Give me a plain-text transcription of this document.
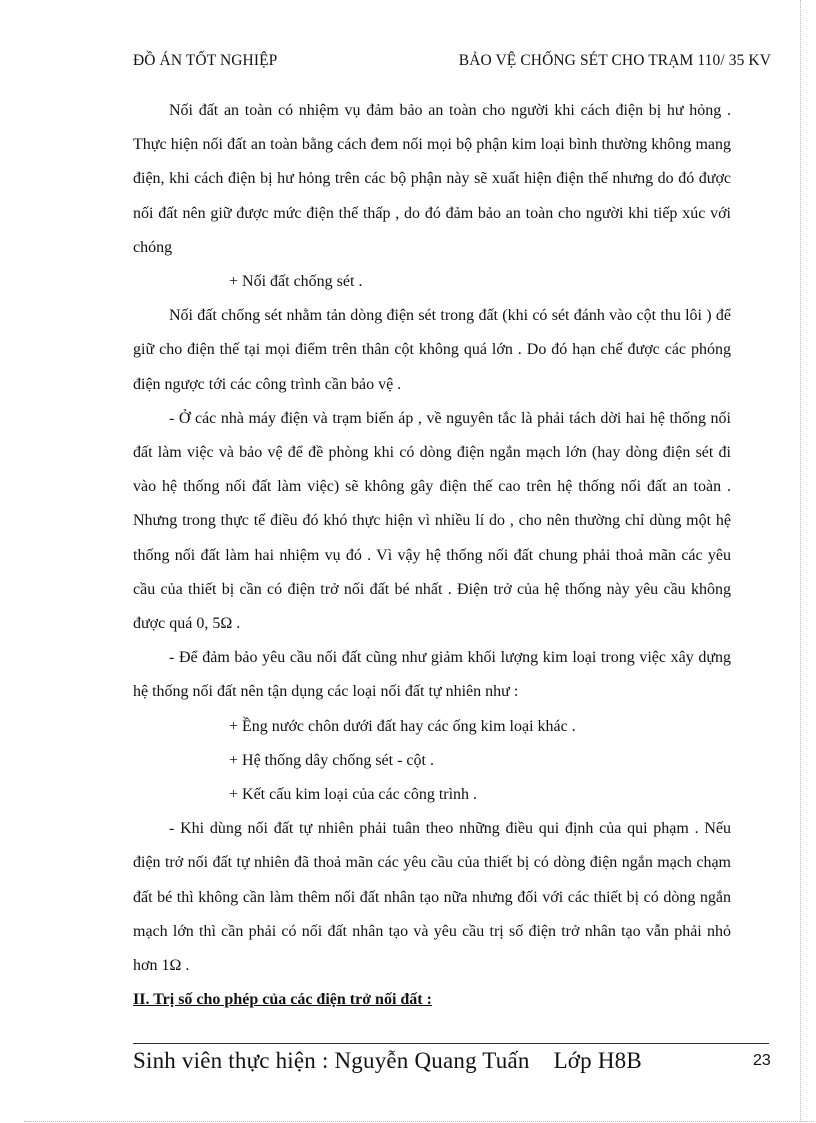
ĐỒ ÁN TỐT NGHIỆP	BẢO VỆ CHỐNG SÉT CHO TRẠM 110/ 35 KV

Nối đất an toàn có nhiệm vụ đảm bảo an toàn cho người khi cách điện bị hư hỏng . Thực hiện nối đất an toàn bằng cách đem nối mọi bộ phận kim loại bình thường không mang điện, khi cách điện bị hư hỏng trên các bộ phận này sẽ xuất hiện điện thế nhưng do đó được nối đất nên giữ được mức điện thế thấp , do đó đảm bảo an toàn cho người khi tiếp xúc với chóng

+ Nối đất chống sét .

Nối đất chống sét nhằm tản dòng điện sét trong đất (khi có sét đánh vào cột thu lôi ) để giữ cho điện thế tại mọi điểm trên thân cột không quá lớn . Do đó hạn chế được các phóng điện ngược tới các công trình cần bảo vệ .

- Ở các nhà máy điện và trạm biến áp , về nguyên tắc là phải tách dời hai hệ thống nối đất làm việc và bảo vệ để đề phòng khi có dòng điện ngắn mạch lớn (hay dòng điện sét đi vào hệ thống nối đất làm việc) sẽ không gây điện thế cao trên hệ thống nối đất an toàn . Nhưng trong thực tế điều đó khó thực hiện vì nhiều lí do , cho nên thường chỉ dùng một hệ thống nối đất làm hai nhiệm vụ đó . Vì vậy hệ thống nối đất chung phải thoả mãn các yêu cầu của thiết bị cần có điện trở nối đất bé nhất . Điện trở của hệ thống này yêu cầu không được quá 0, 5Ω .

- Để đảm bảo yêu cầu nối đất cũng như giảm khối lượng kim loại trong việc xây dựng hệ thống nối đất nên tận dụng các loại nối đất tự nhiên như :

+ Ềng nước chôn dưới đất hay các ống kim loại khác .

+ Hệ thống dây chống sét - cột .

+ Kết cấu kim loại của các công trình .

- Khi dùng nối đất tự nhiên phải tuân theo những điều qui định của qui phạm . Nếu điện trở nối đất tự nhiên đã thoả mãn các yêu cầu của thiết bị có dòng điện ngắn mạch chạm đất bé thì không cần làm thêm nối đất nhân tạo nữa nhưng đối với các thiết bị có dòng ngắn mạch lớn thì cần phải có nối đất nhân tạo và yêu cầu trị số điện trở nhân tạo vẫn phải nhỏ hơn 1Ω .

II. Trị số cho phép của các điện trở nối đất :

Sinh viên thực hiện : Nguyễn Quang Tuấn Lớp H8B	23
